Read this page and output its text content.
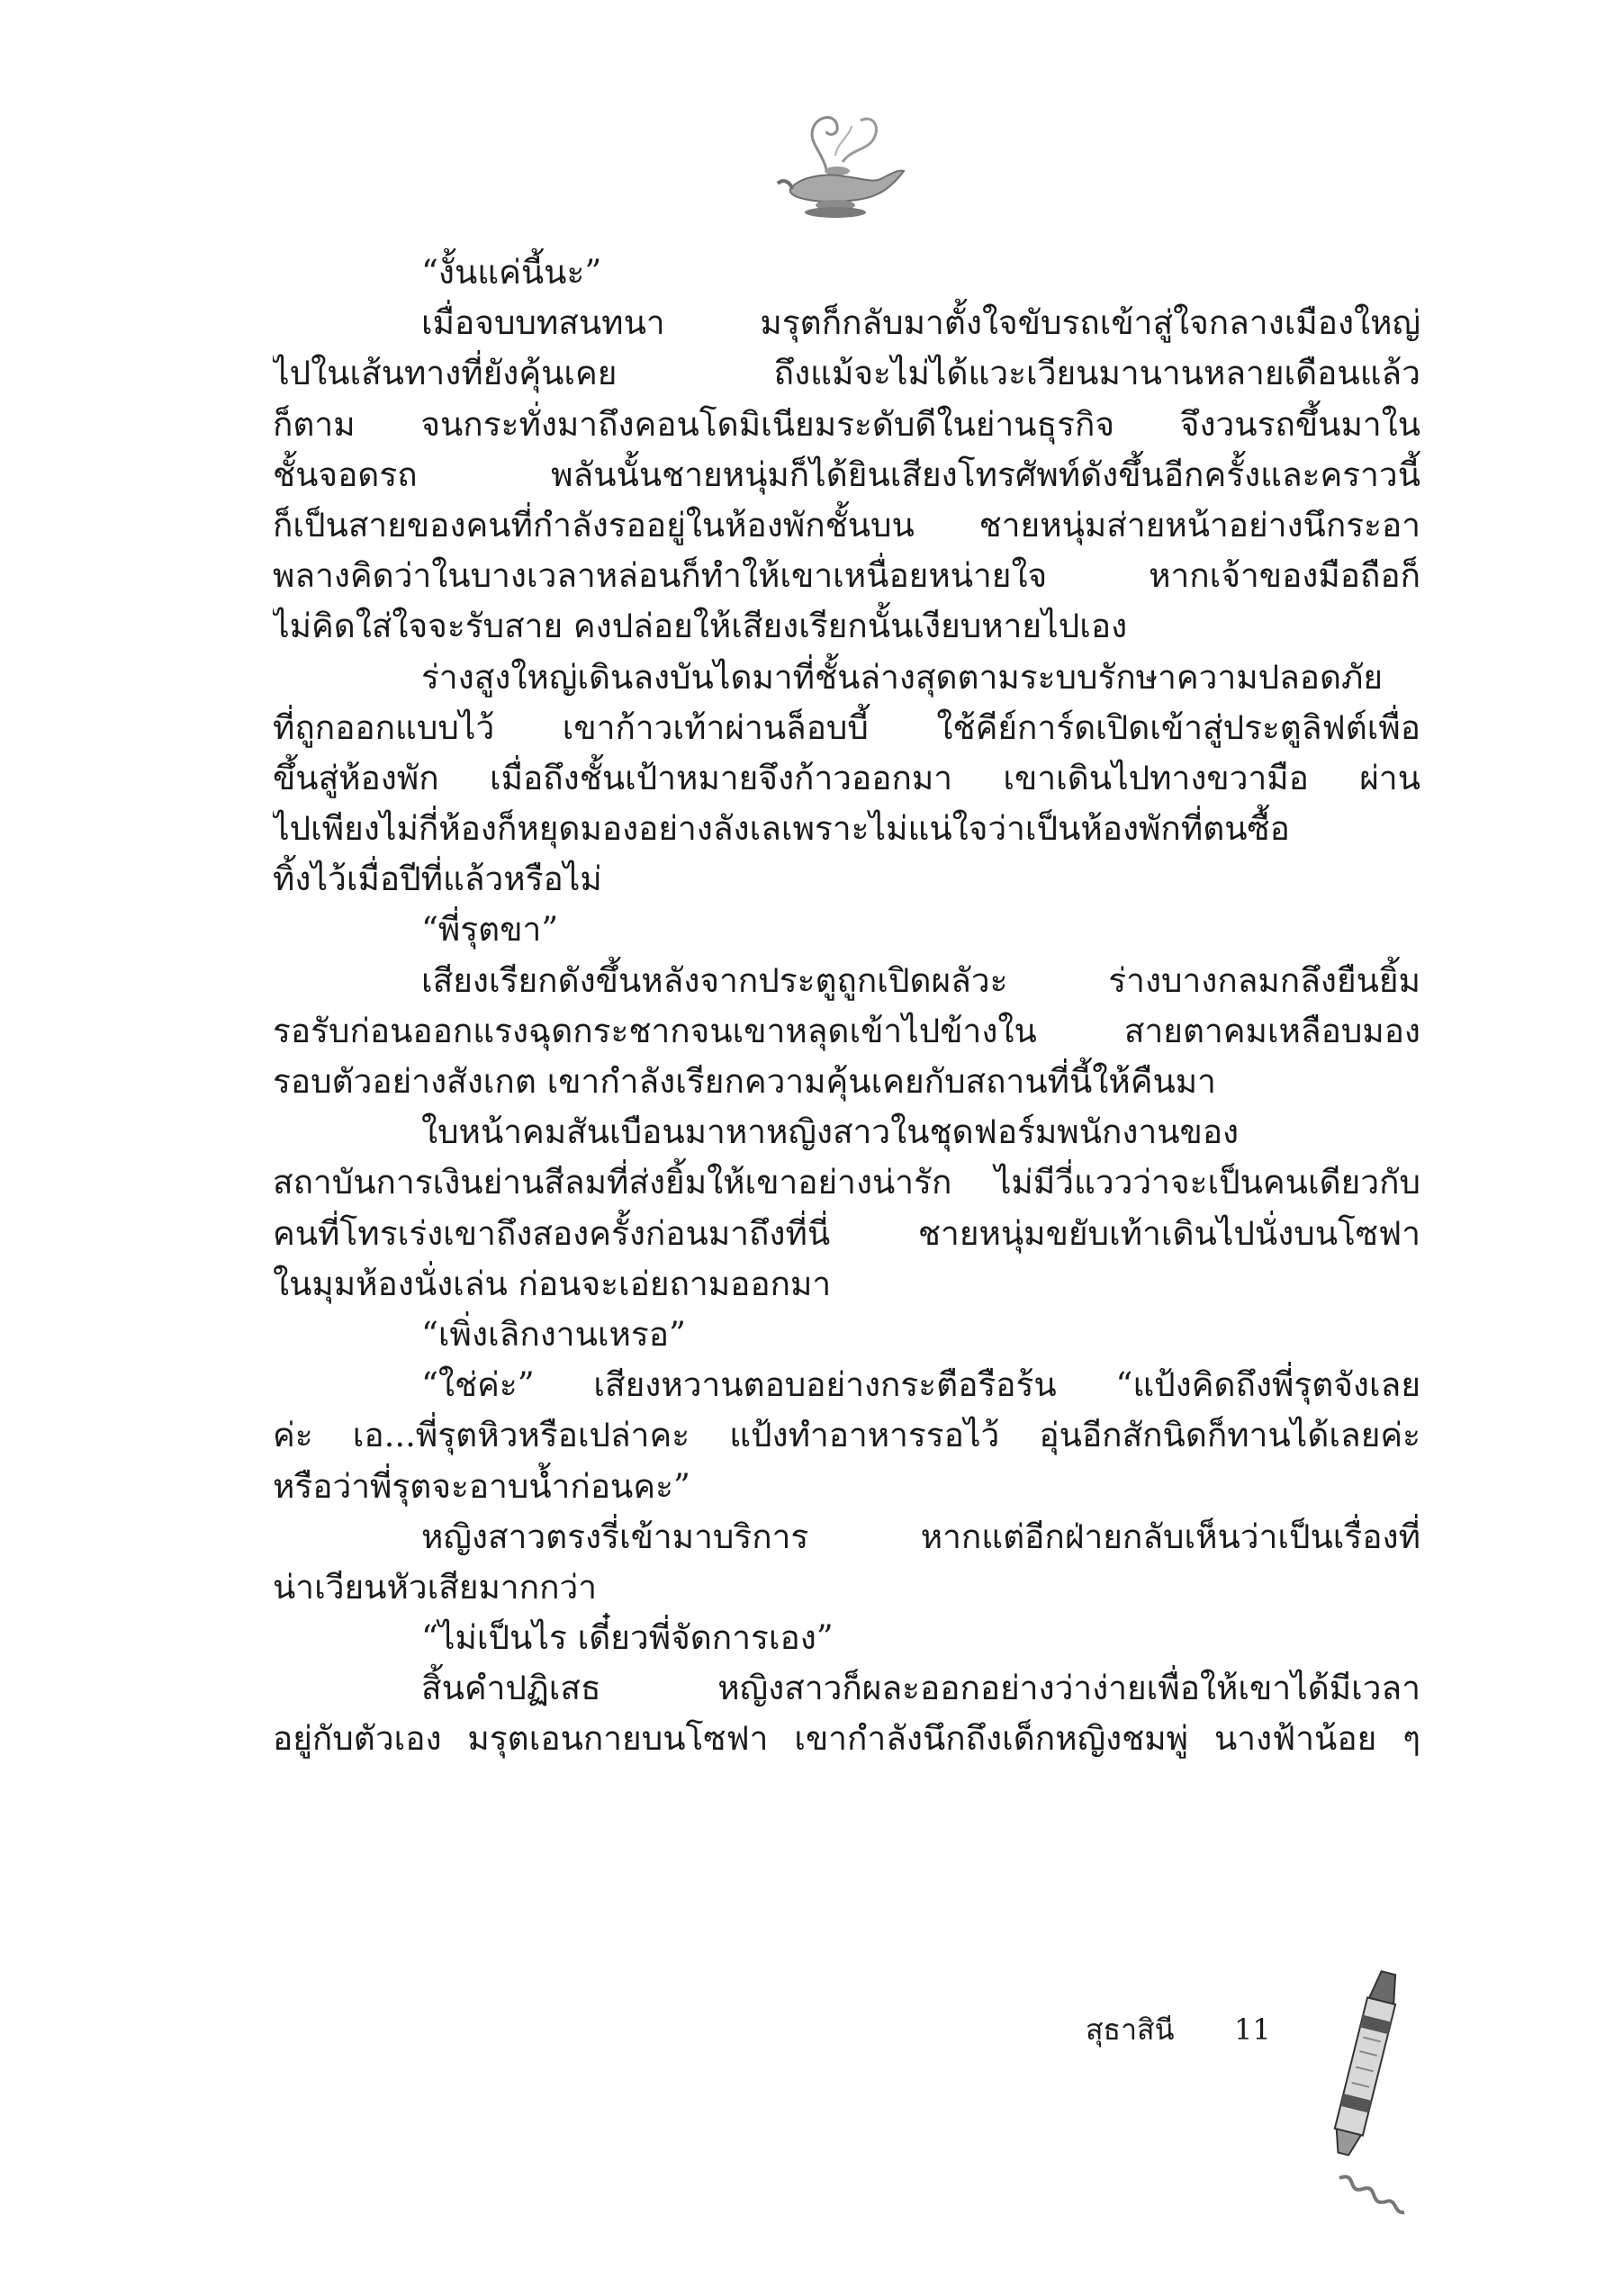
“งั้นแค่นี้นะ”
เมื่อจบบทสนทนา มรุตก็กลับมาตั้งใจขับรถเข้าสู่ใจกลางเมืองใหญ่
ไปในเส้นทางที่ยังคุ้นเคย ถึงแม้จะไม่ได้แวะเวียนมานานหลายเดือนแล้ว
ก็ตาม จนกระทั่งมาถึงคอนโดมิเนียมระดับดีในย่านธุรกิจ จึงวนรถขึ้นมาใน
ชั้นจอดรถ พลันนั้นชายหนุ่มก็ได้ยินเสียงโทรศัพท์ดังขึ้นอีกครั้งและคราวนี้
ก็เป็นสายของคนที่กำลังรออยู่ในห้องพักชั้นบน ชายหนุ่มส่ายหน้าอย่างนึกระอา
พลางคิดว่าในบางเวลาหล่อนก็ทำให้เขาเหนื่อยหน่ายใจ หากเจ้าของมือถือก็
ไม่คิดใส่ใจจะรับสาย คงปล่อยให้เสียงเรียกนั้นเงียบหายไปเอง
ร่างสูงใหญ่เดินลงบันไดมาที่ชั้นล่างสุดตามระบบรักษาความปลอดภัย
ที่ถูกออกแบบไว้ เขาก้าวเท้าผ่านล็อบบี้ ใช้คีย์การ์ดเปิดเข้าสู่ประตูลิฟต์เพื่อ
ขึ้นสู่ห้องพัก เมื่อถึงชั้นเป้าหมายจึงก้าวออกมา เขาเดินไปทางขวามือ ผ่าน
ไปเพียงไม่กี่ห้องก็หยุดมองอย่างลังเลเพราะไม่แน่ใจว่าเป็นห้องพักที่ตนซื้อ
ทิ้งไว้เมื่อปีที่แล้วหรือไม่
“พี่รุตขา”
เสียงเรียกดังขึ้นหลังจากประตูถูกเปิดผลัวะ ร่างบางกลมกลึงยืนยิ้ม
รอรับก่อนออกแรงฉุดกระชากจนเขาหลุดเข้าไปข้างใน สายตาคมเหลือบมอง
รอบตัวอย่างสังเกต เขากำลังเรียกความคุ้นเคยกับสถานที่นี้ให้คืนมา
ใบหน้าคมสันเบือนมาหาหญิงสาวในชุดฟอร์มพนักงานของ
สถาบันการเงินย่านสีลมที่ส่งยิ้มให้เขาอย่างน่ารัก ไม่มีวี่แววว่าจะเป็นคนเดียวกับ
คนที่โทรเร่งเขาถึงสองครั้งก่อนมาถึงที่นี่ ชายหนุ่มขยับเท้าเดินไปนั่งบนโซฟา
ในมุมห้องนั่งเล่น ก่อนจะเอ่ยถามออกมา
“เพิ่งเลิกงานเหรอ”
“ใช่ค่ะ” เสียงหวานตอบอย่างกระตือรือร้น “แป้งคิดถึงพี่รุตจังเลย
ค่ะ เอ...พี่รุตหิวหรือเปล่าคะ แป้งทำอาหารรอไว้ อุ่นอีกสักนิดก็ทานได้เลยค่ะ
หรือว่าพี่รุตจะอาบน้ำก่อนคะ”
หญิงสาวตรงรี่เข้ามาบริการ หากแต่อีกฝ่ายกลับเห็นว่าเป็นเรื่องที่
น่าเวียนหัวเสียมากกว่า
“ไม่เป็นไร เดี๋ยวพี่จัดการเอง”
สิ้นคำปฏิเสธ หญิงสาวก็ผละออกอย่างว่าง่ายเพื่อให้เขาได้มีเวลา
อยู่กับตัวเอง มรุตเอนกายบนโซฟา เขากำลังนึกถึงเด็กหญิงชมพู่ นางฟ้าน้อย ๆ
สุธาสินี 11
